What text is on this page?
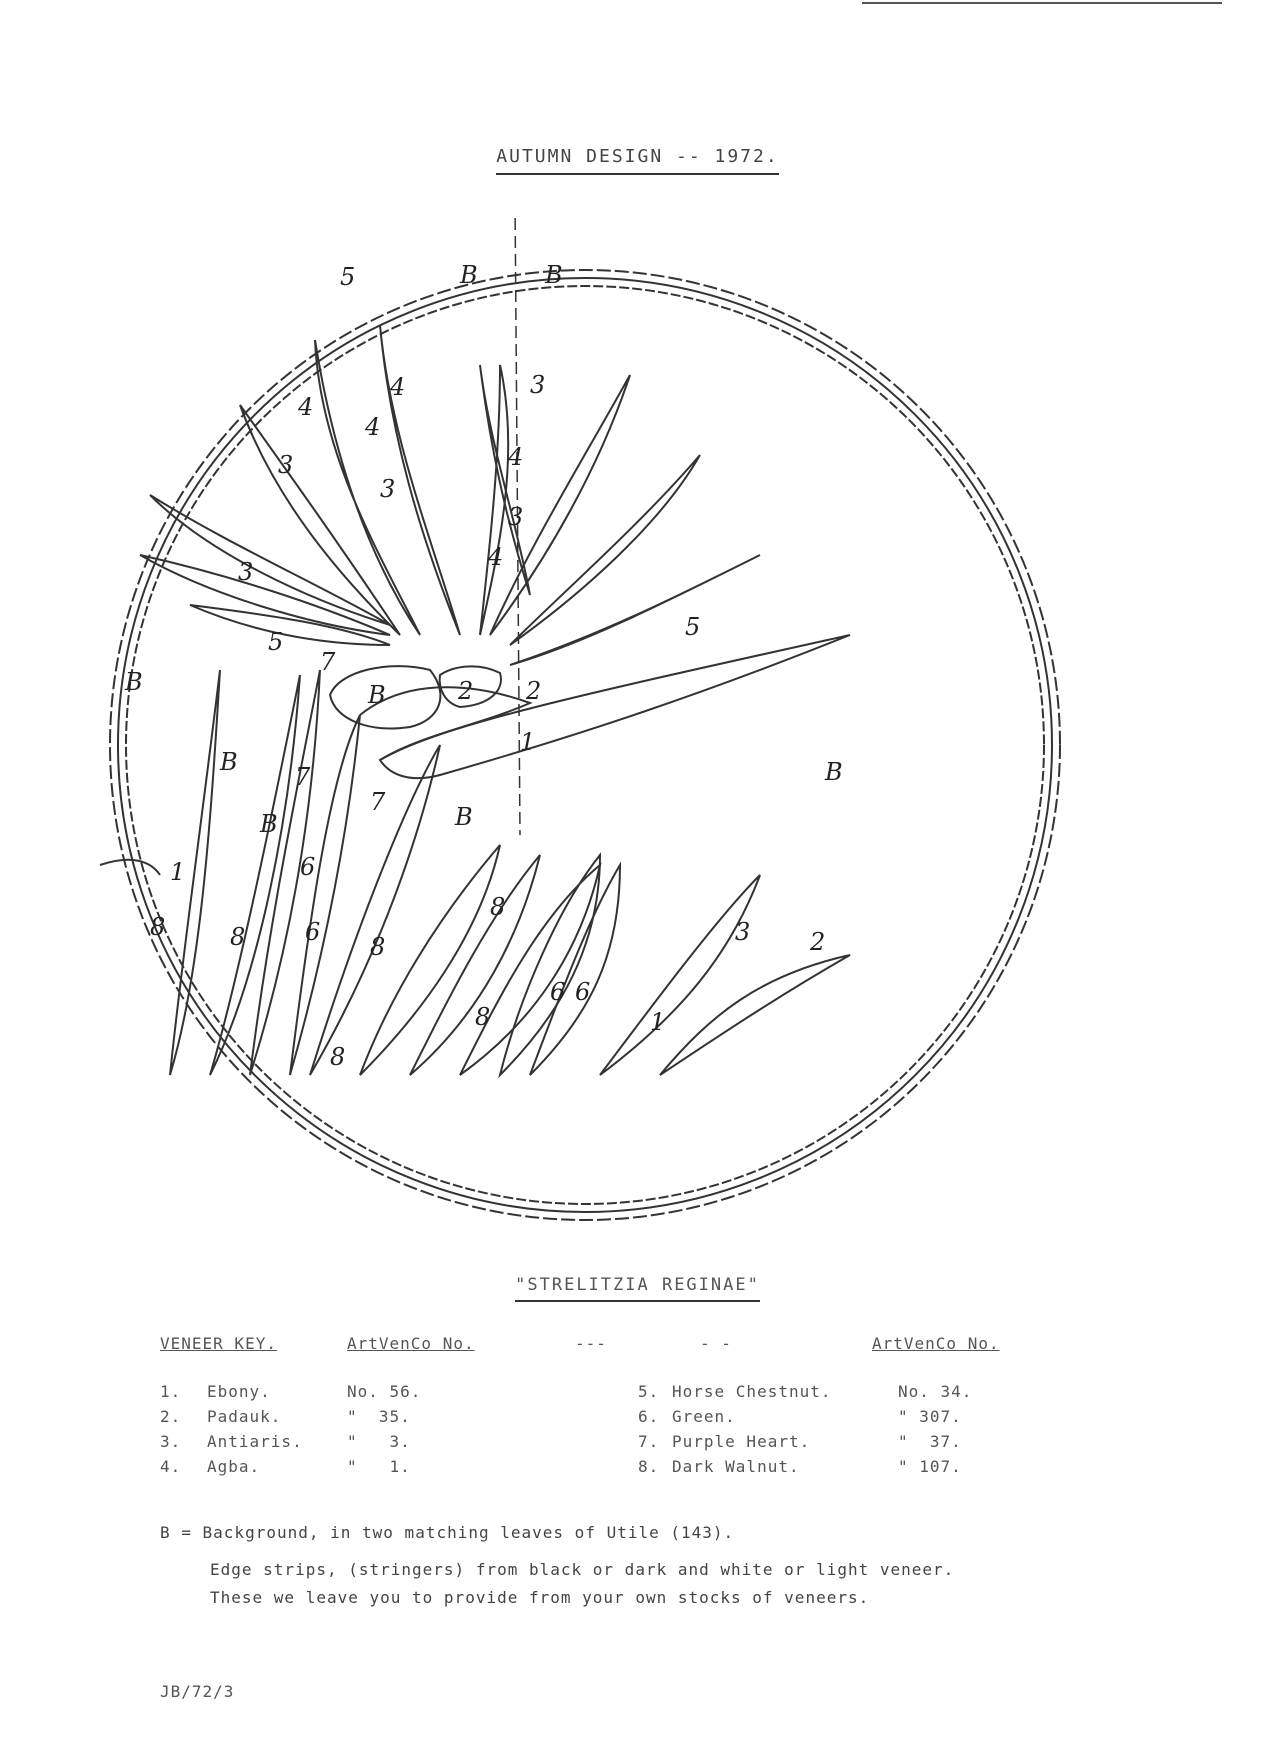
AUTUMN DESIGN -- 1972.
B	B
B	B
B
B
B
B
5
5
5
4
4
4
4
4
3
3
3
3
3
2 2
1
7
7
7
6
6
6 6
8	8	8
8
8
8
1
1
3 2
"STRELITZIA REGINAE"
VENEER KEY.	ArtVenCo No.	---	- -	ArtVenCo No.
1. Ebony.	No. 56.
2. Padauk.	"  35.
3. Antiaris.	"   3.
4. Agba.	"   1.
5. Horse Chestnut.	No. 34.
6. Green.	" 307.
7. Purple Heart.	"  37.
8. Dark Walnut.	" 107.
B = Background, in two matching leaves of Utile (143).
Edge strips, (stringers) from black or dark and white or light veneer.
These we leave you to provide from your own stocks of veneers.
JB/72/3
